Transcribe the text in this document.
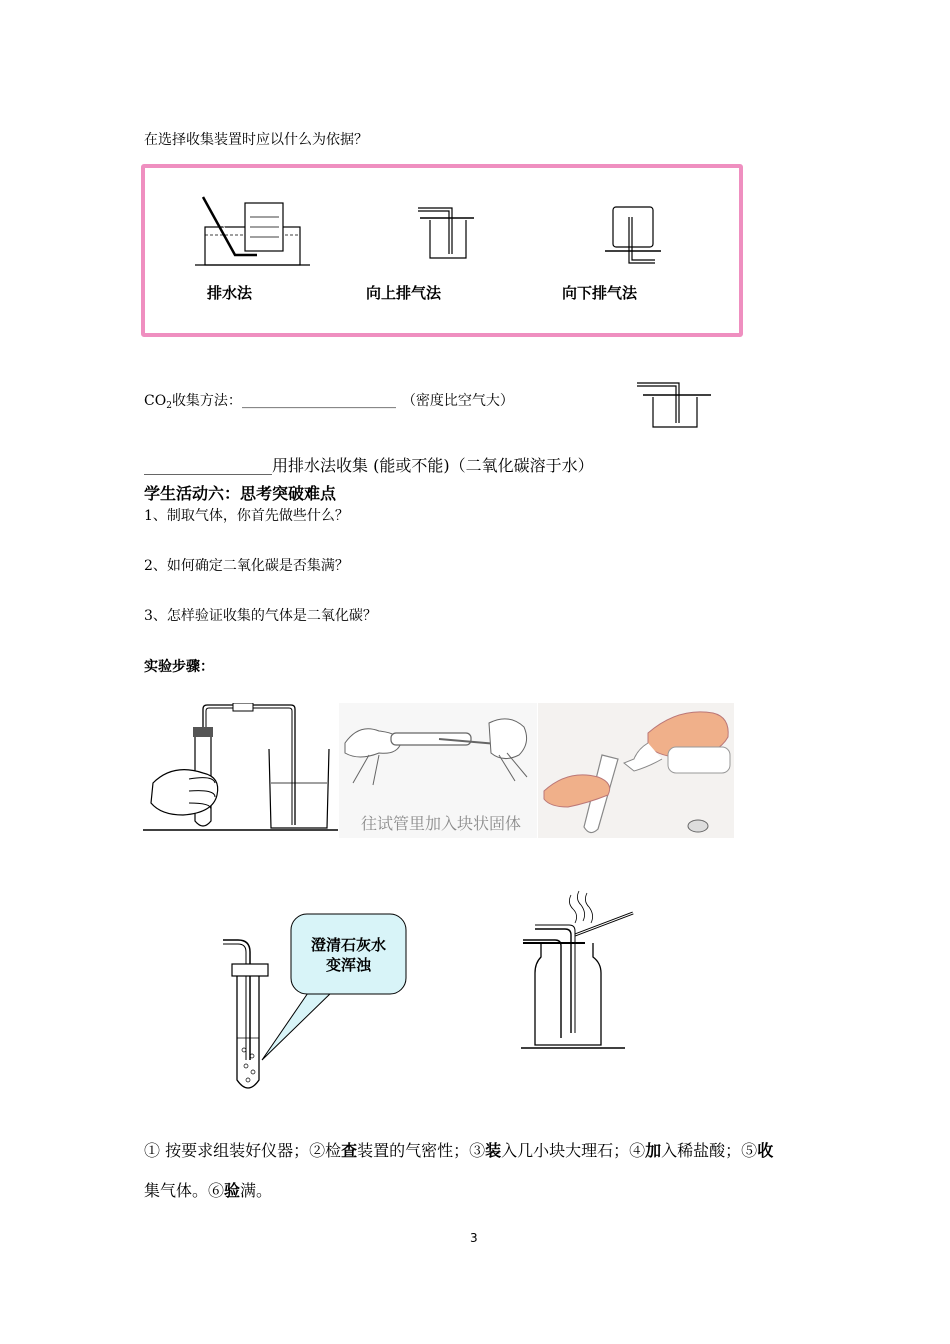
在选择收集装置时应以什么为依据？
排水法	向上排气法	向下排气法
$CO_2$收集方法：______________________ （密度比空气大）
________________用排水法收集 (能或不能)（二氧化碳溶于水）
学生活动六：思考突破难点
1、制取气体，你首先做些什么？
2、如何确定二氧化碳是否集满？
3、怎样验证收集的气体是二氧化碳？
实验步骤：
往试管里加入块状固体
澄清石灰水
变浑浊
① 按要求组装好仪器；②检查装置的气密性；③装入几小块大理石；④加入稀盐酸；⑤收
集气体。⑥验满。
3
